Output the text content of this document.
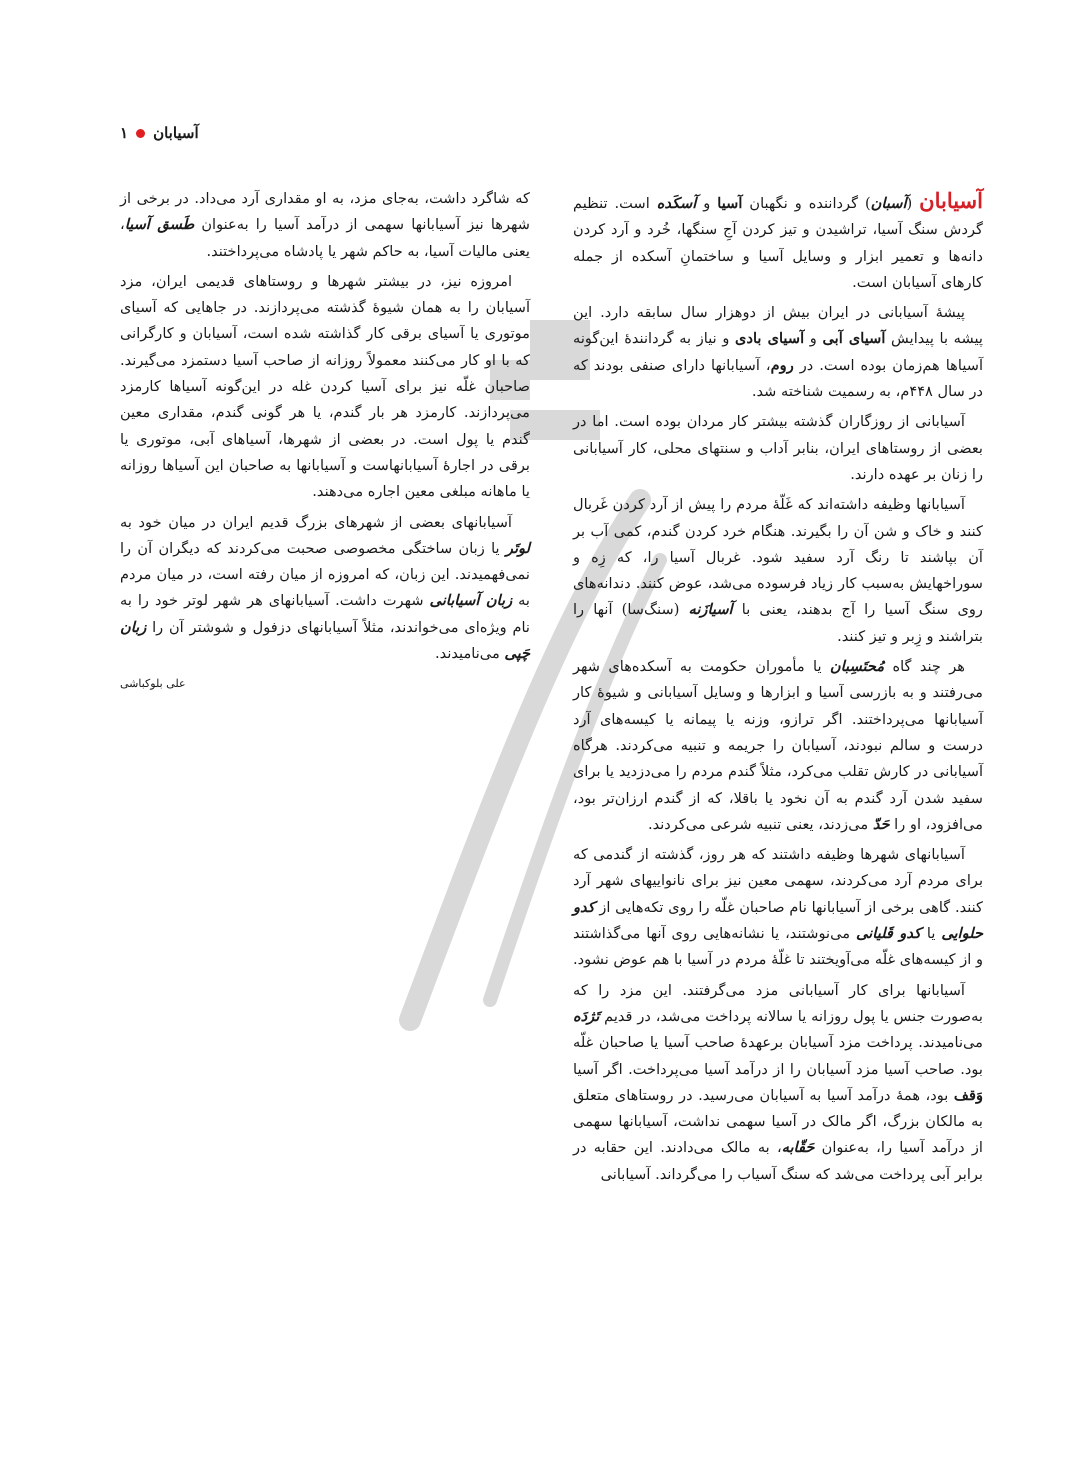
آسیابان
۱

آسیابان (آسبان) گرداننده و نگهبان آسیا و آسکَده است. تنظیم گردش سنگ آسیا، تراشیدن و تیز کردن آجِ سنگها، خُرد و آرد کردن دانه‌ها و تعمیر ابزار و وسایل آسیا و ساختمانِ آسکده از جمله کارهای آسیابان است.

پیشهٔ آسیابانی در ایران بیش از دوهزار سال سابقه دارد. این پیشه با پیدایش آسیای آبی و آسیای بادی و نیاز به گردانندهٔ این‌گونه آسیاها هم‌زمان بوده است. در روم، آسیابانها دارای صنفی بودند که در سال ۴۴۸م، به رسمیت شناخته شد.

آسیابانی از روزگاران گذشته بیشتر کار مردان بوده است. اما در بعضی از روستاهای ایران، بنابر آداب و سنتهای محلی، کار آسیابانی را زنان بر عهده دارند.

آسیابانها وظیفه داشته‌اند که غَلّهٔ مردم را پیش از آرد کردن غَربال کنند و خاک و شن آن را بگیرند. هنگام خرد کردن گندم، کمی آب بر آن بپاشند تا رنگ آرد سفید شود. غربال آسیا را، که زِه و سوراخهایش به‌سبب کار زیاد فرسوده می‌شد، عوض کنند. دندانه‌های روی سنگ آسیا را آج بدهند، یعنی با آسیازَنه (سنگ‌سا) آنها را بتراشند و زِبر و تیز کنند.

هر چند گاه مُحتَسِبان یا مأموران حکومت به آسکده‌های شهر می‌رفتند و به بازرسی آسیا و ابزارها و وسایل آسیابانی و شیوهٔ کار آسیابانها می‌پرداختند. اگر ترازو، وزنه یا پیمانه یا کیسه‌های آرد درست و سالم نبودند، آسیابان را جریمه و تنبیه می‌کردند. هرگاه آسیابانی در کارش تقلب می‌کرد، مثلاً گندم مردم را می‌دزدید یا برای سفید شدن آرد گندم به آن نخود یا باقلا، که از گندم ارزان‌تر بود، می‌افزود، او را حَدّ می‌زدند، یعنی تنبیه شرعی می‌کردند.

آسیابانهای شهرها وظیفه داشتند که هر روز، گذشته از گندمی که برای مردم آرد می‌کردند، سهمی معین نیز برای نانواییهای شهر آرد کنند. گاهی برخی از آسیابانها نام صاحبان غلّه را روی تکه‌هایی از کدو حلوایی یا کدو قَلیانی می‌نوشتند، یا نشانه‌هایی روی آنها می‌گذاشتند و از کیسه‌های غلّه می‌آویختند تا غلّهٔ مردم در آسیا با هم عوض نشود.

آسیابانها برای کار آسیابانی مزد می‌گرفتند. این مزد را که به‌صورت جنس یا پول روزانه یا سالانه پرداخت می‌شد، در قدیم تَژدَه می‌نامیدند. پرداخت مزد آسیابان برعهدهٔ صاحب آسیا یا صاحبان غلّه بود. صاحب آسیا مزد آسیابان را از درآمد آسیا می‌پرداخت. اگر آسیا وَقف بود، همهٔ درآمد آسیا به آسیابان می‌رسید. در روستاهای متعلق به مالکان بزرگ، اگر مالک در آسیا سهمی نداشت، آسیابانها سهمی از درآمد آسیا را، به‌عنوان حَقّابه، به مالک می‌دادند. این حقابه در برابر آبی پرداخت می‌شد که سنگ آسیاب را می‌گرداند. آسیابانی

که شاگرد داشت، به‌جای مزد، به او مقداری آرد می‌داد. در برخی از شهرها نیز آسیابانها سهمی از درآمد آسیا را به‌عنوان طَسق آسیا، یعنی مالیات آسیا، به حاکم شهر یا پادشاه می‌پرداختند.

امروزه نیز، در بیشتر شهرها و روستاهای قدیمی ایران، مزد آسیابان را به همان شیوهٔ گذشته می‌پردازند. در جاهایی که آسیای موتوری یا آسیای برقی کار گذاشته شده است، آسیابان و کارگرانی که با او کار می‌کنند معمولاً روزانه از صاحب آسیا دستمزد می‌گیرند. صاحبان غلّه نیز برای آسیا کردن غله در این‌گونه آسیاها کارمزد می‌پردازند. کارمزد هر بار گندم، یا هر گونی گندم، مقداری معین گندم یا پول است. در بعضی از شهرها، آسیاهای آبی، موتوری یا برقی در اجارهٔ آسیابانهاست و آسیابانها به صاحبان این آسیاها روزانه یا ماهانه مبلغی معین اجاره می‌دهند.

آسیابانهای بعضی از شهرهای بزرگ قدیم ایران در میان خود به لوتَر یا زبان ساختگی مخصوصی صحبت می‌کردند که دیگران آن را نمی‌فهمیدند. این زبان، که امروزه از میان رفته است، در میان مردم به زبان آسیابانی شهرت داشت. آسیابانهای هر شهر لوتر خود را به نام ویژه‌ای می‌خواندند، مثلاً آسیابانهای دزفول و شوشتر آن را زبان چَپی می‌نامیدند.

علی بلوکباشی
